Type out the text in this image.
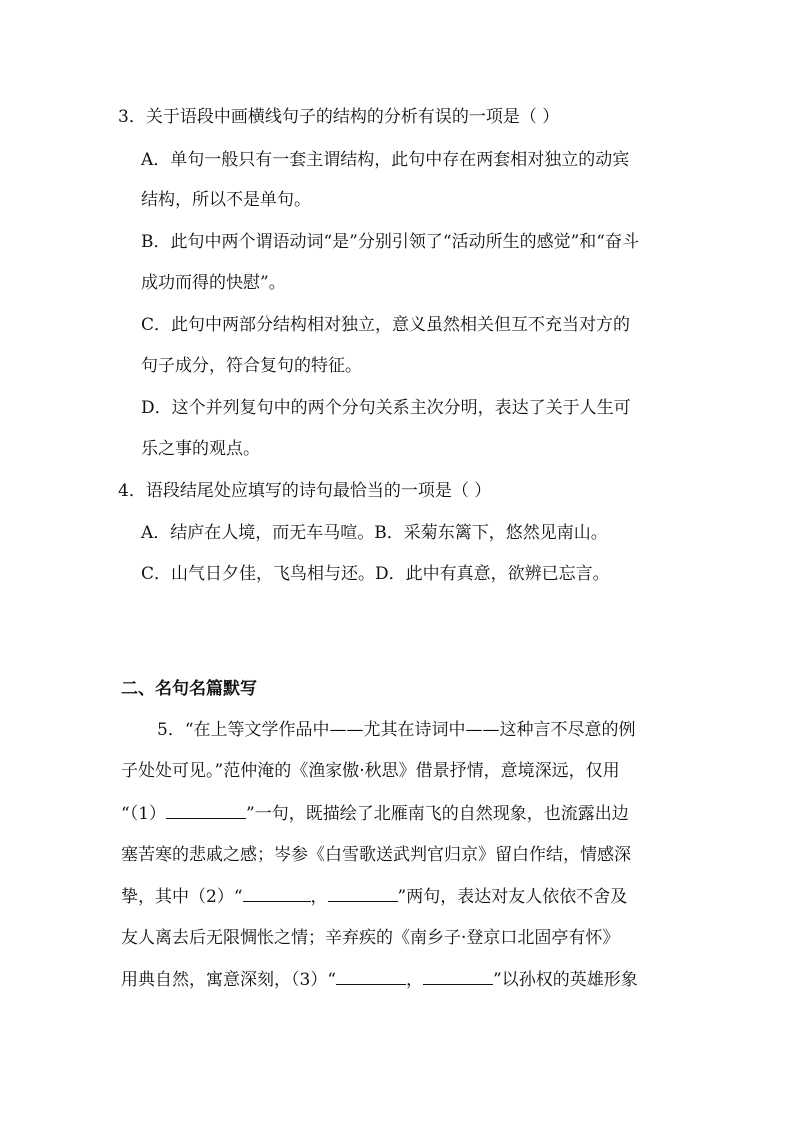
3．关于语段中画横线句子的结构的分析有误的一项是（ ）
A．单句一般只有一套主谓结构，此句中存在两套相对独立的动宾
结构，所以不是单句。
B．此句中两个谓语动词“是”分别引领了“活动所生的感觉”和“奋斗
成功而得的快慰”。
C．此句中两部分结构相对独立，意义虽然相关但互不充当对方的
句子成分，符合复句的特征。
D．这个并列复句中的两个分句关系主次分明，表达了关于人生可
乐之事的观点。
4．语段结尾处应填写的诗句最恰当的一项是（ ）
A．结庐在人境，而无车马喧。B．采菊东篱下，悠然见南山。
C．山气日夕佳，飞鸟相与还。D．此中有真意，欲辨已忘言。
二、名句名篇默写
5．“在上等文学作品中——尤其在诗词中——这种言不尽意的例
子处处可见。”范仲淹的《渔家傲·秋思》借景抒情，意境深远，仅用
“（1）	”一句，既描绘了北雁南飞的自然现象，也流露出边
塞苦寒的悲戚之感；岑参《白雪歌送武判官归京》留白作结，情感深
挚，其中（2）“	，	”两句，表达对友人依依不舍及
友人离去后无限惆怅之情；辛弃疾的《南乡子·登京口北固亭有怀》
用典自然，寓意深刻，（3）“	，	”以孙权的英雄形象
